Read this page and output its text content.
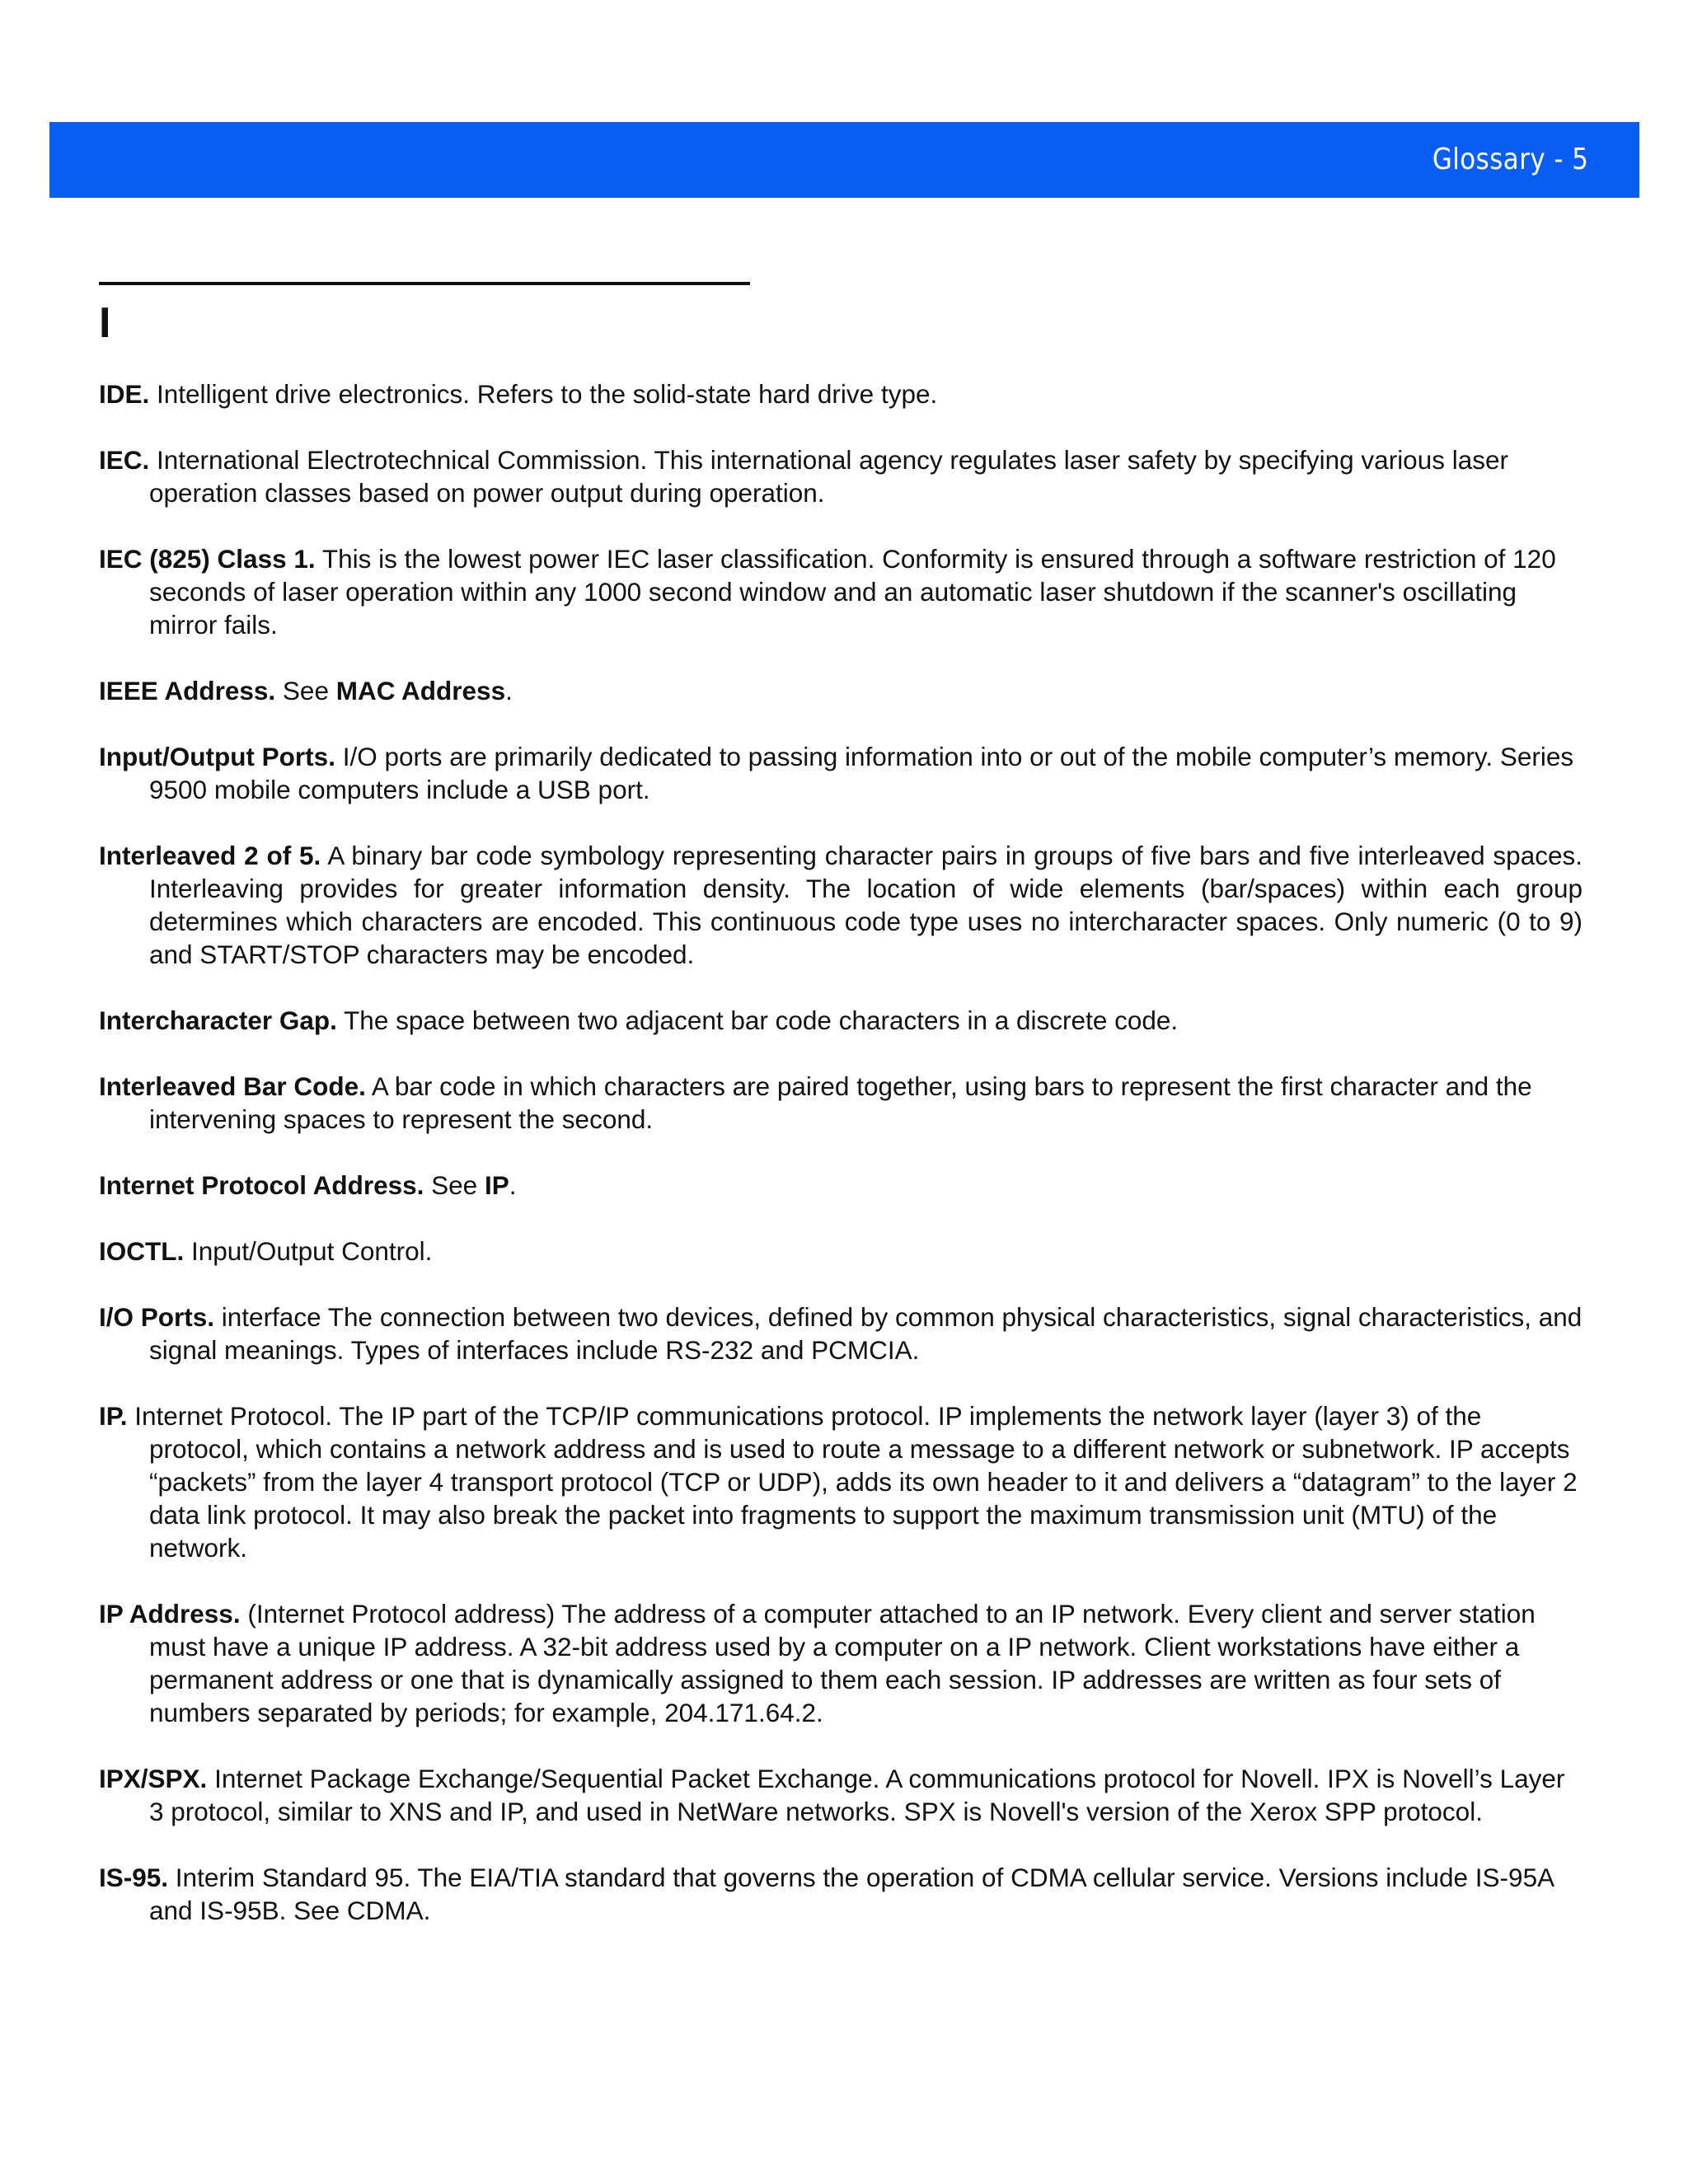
Glossary - 5
I

IDE. Intelligent drive electronics. Refers to the solid-state hard drive type.

IEC. International Electrotechnical Commission. This international agency regulates laser safety by specifying various laser operation classes based on power output during operation.

IEC (825) Class 1. This is the lowest power IEC laser classification. Conformity is ensured through a software restriction of 120 seconds of laser operation within any 1000 second window and an automatic laser shutdown if the scanner's oscillating mirror fails.

IEEE Address. See MAC Address.

Input/Output Ports. I/O ports are primarily dedicated to passing information into or out of the mobile computer’s memory. Series 9500 mobile computers include a USB port.

Interleaved 2 of 5. A binary bar code symbology representing character pairs in groups of five bars and five interleaved spaces. Interleaving provides for greater information density. The location of wide elements (bar/spaces) within each group determines which characters are encoded. This continuous code type uses no intercharacter spaces. Only numeric (0 to 9) and START/STOP characters may be encoded.

Intercharacter Gap. The space between two adjacent bar code characters in a discrete code.

Interleaved Bar Code. A bar code in which characters are paired together, using bars to represent the first character and the intervening spaces to represent the second.

Internet Protocol Address. See IP.

IOCTL. Input/Output Control.

I/O Ports. interface The connection between two devices, defined by common physical characteristics, signal characteristics, and signal meanings. Types of interfaces include RS-232 and PCMCIA.

IP. Internet Protocol. The IP part of the TCP/IP communications protocol. IP implements the network layer (layer 3) of the protocol, which contains a network address and is used to route a message to a different network or subnetwork. IP accepts “packets” from the layer 4 transport protocol (TCP or UDP), adds its own header to it and delivers a “datagram” to the layer 2 data link protocol. It may also break the packet into fragments to support the maximum transmission unit (MTU) of the network.

IP Address. (Internet Protocol address) The address of a computer attached to an IP network. Every client and server station must have a unique IP address. A 32-bit address used by a computer on a IP network. Client workstations have either a permanent address or one that is dynamically assigned to them each session. IP addresses are written as four sets of numbers separated by periods; for example, 204.171.64.2.

IPX/SPX. Internet Package Exchange/Sequential Packet Exchange. A communications protocol for Novell. IPX is Novell’s Layer 3 protocol, similar to XNS and IP, and used in NetWare networks. SPX is Novell's version of the Xerox SPP protocol.

IS-95. Interim Standard 95. The EIA/TIA standard that governs the operation of CDMA cellular service. Versions include IS-95A and IS-95B. See CDMA.
